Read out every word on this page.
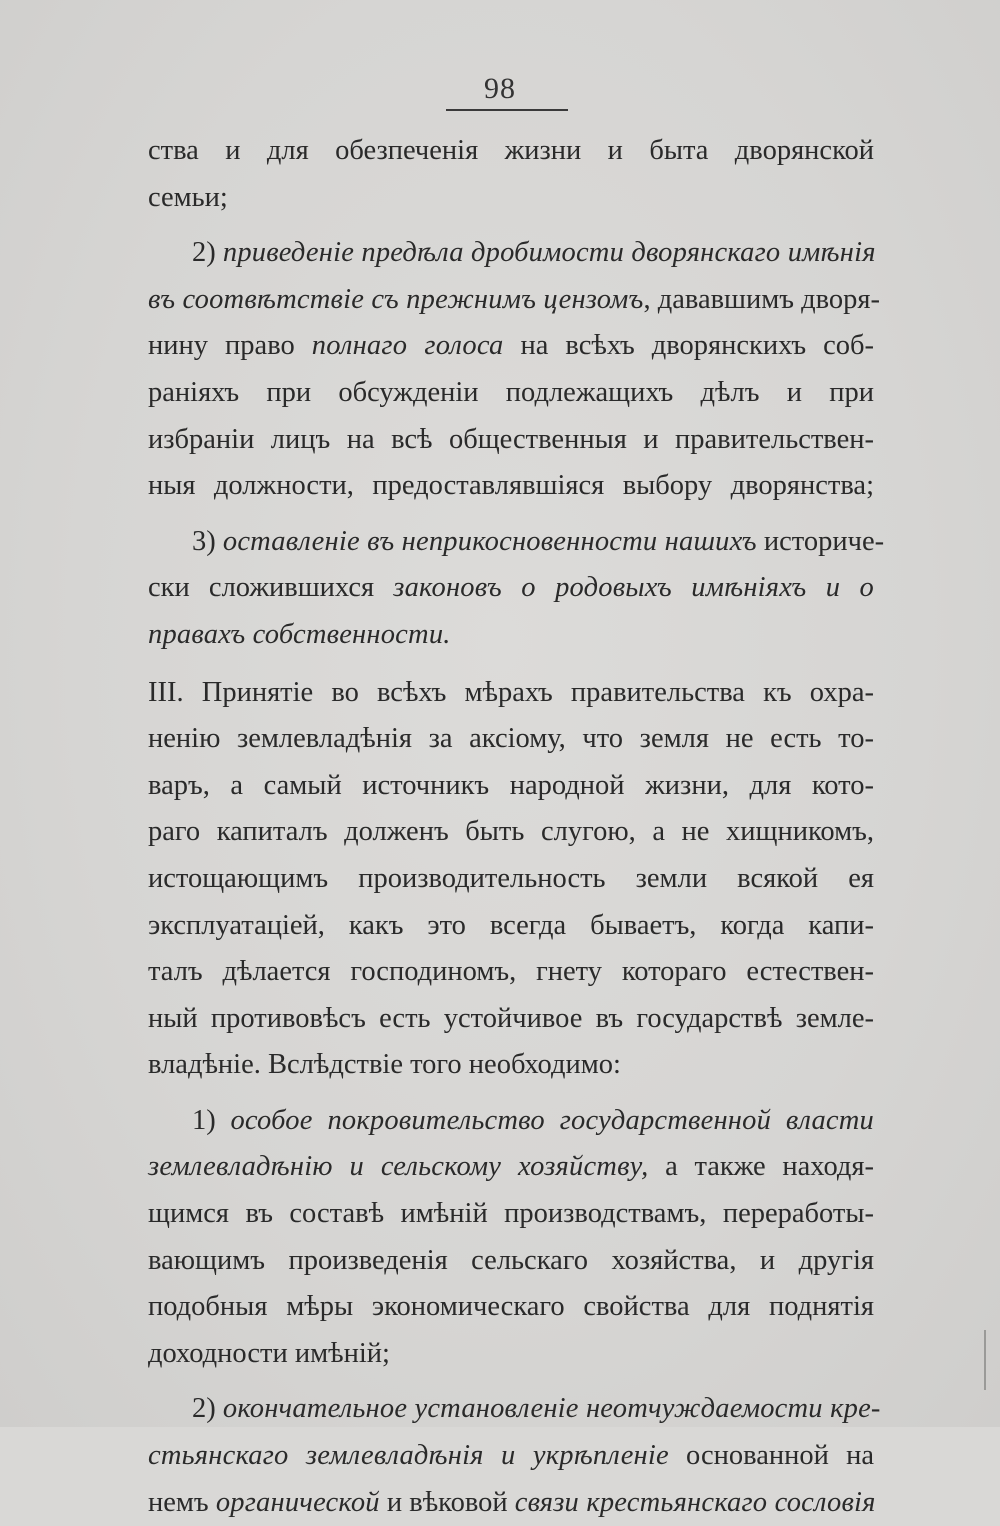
98

ства и для обезпеченія жизни и быта дворянской
семьи;

2) приведеніе предѣла дробимости дворянскаго имѣнія
въ соотвѣтствіе съ прежнимъ цензомъ, дававшимъ дворя-
нину право полнаго голоса на всѣхъ дворянскихъ соб-
раніяхъ при обсужденіи подлежащихъ дѣлъ и при
избраніи лицъ на всѣ общественныя и правительствен-
ныя должности, предоставлявшіяся выбору дворянства;

3) оставленіе въ неприкосновенности нашихъ историче-
ски сложившихся законовъ о родовыхъ имѣніяхъ и о
правахъ собственности.

III. Принятіе во всѣхъ мѣрахъ правительства къ охра-
ненію землевладѣнія за аксіому, что земля не есть то-
варъ, а самый источникъ народной жизни, для кото-
раго капиталъ долженъ быть слугою, а не хищникомъ,
истощающимъ производительность земли всякой ея
эксплуатаціей, какъ это всегда бываетъ, когда капи-
талъ дѣлается господиномъ, гнету котораго естествен-
ный противовѣсъ есть устойчивое въ государствѣ земле-
владѣніе. Вслѣдствіе того необходимо:

1) особое покровительство государственной власти
землевладѣнію и сельскому хозяйству, а также находя-
щимся въ составѣ имѣній производствамъ, переработы-
вающимъ произведенія сельскаго хозяйства, и другія
подобныя мѣры экономическаго свойства для поднятія
доходности имѣній;

2) окончательное установленіе неотчуждаемости кре-
стьянскаго землевладѣнія и укрѣпленіе основанной на
немъ органической и вѣковой связи крестьянскаго сословія
